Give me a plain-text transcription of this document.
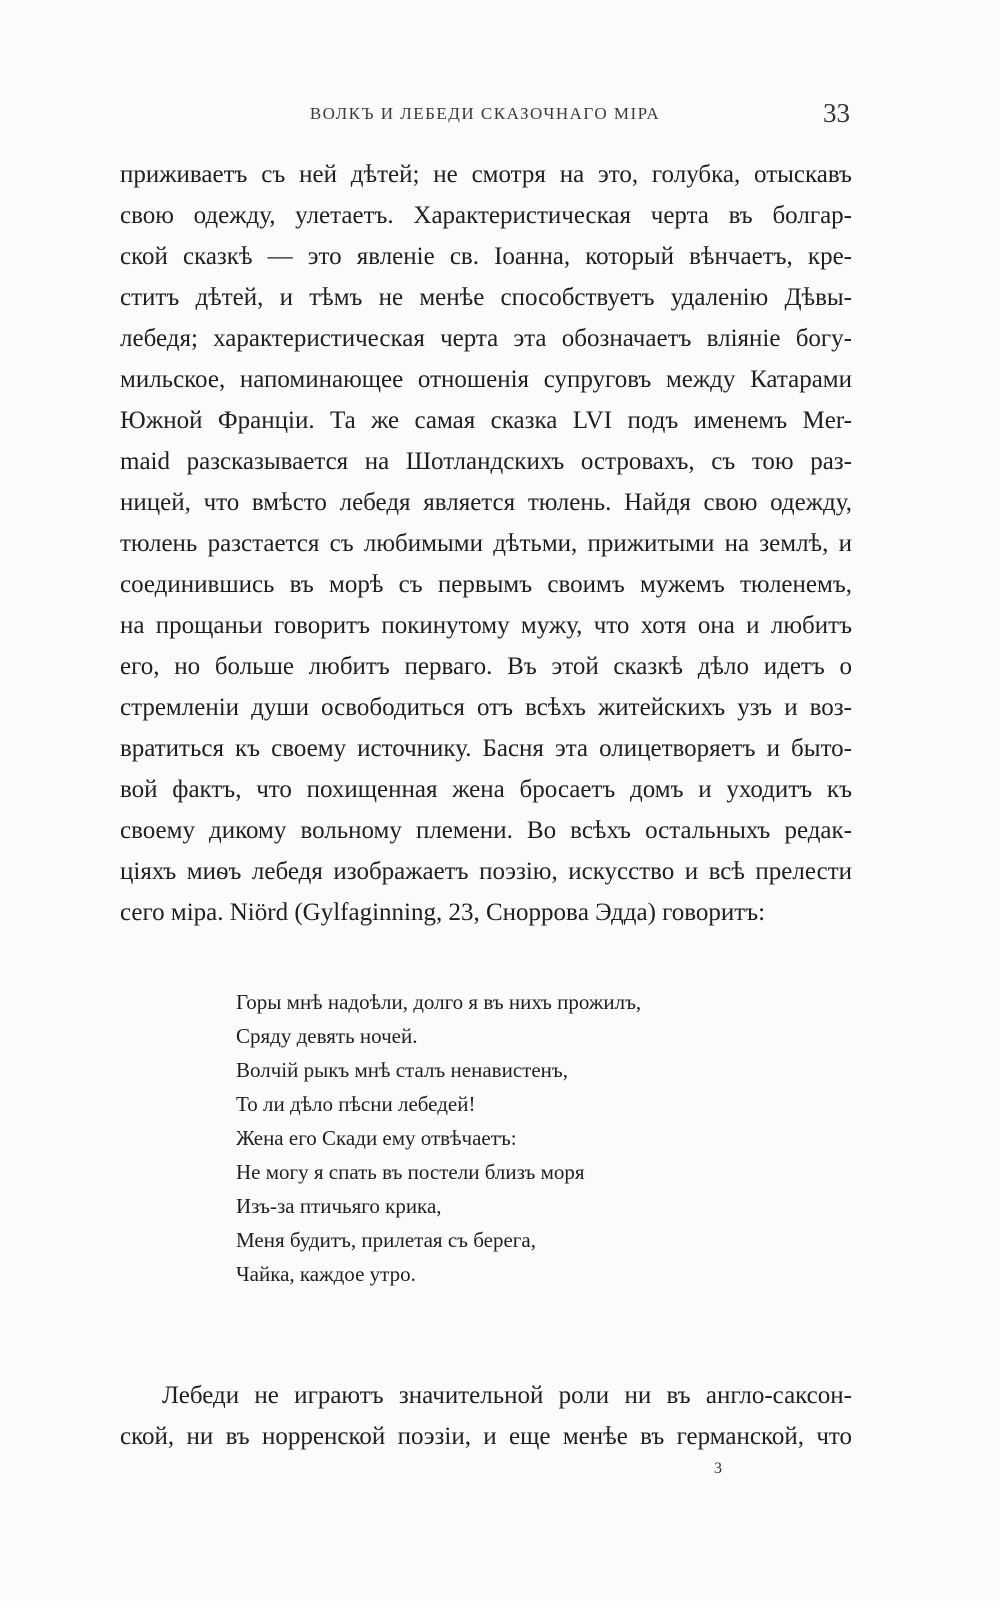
ВОЛКЪ И ЛЕБЕДИ СКАЗОЧНАГО МІРА	33
приживаетъ съ ней дѣтей; не смотря на это, голубка, отыскавъ
свою одежду, улетаетъ. Характеристическая черта въ болгар-
ской сказкѣ — это явленіе св. Іоанна, который вѣнчаетъ, кре-
ститъ дѣтей, и тѣмъ не менѣе способствуетъ удаленію Дѣвы-
лебедя; характеристическая черта эта обозначаетъ вліяніе богу-
мильское, напоминающее отношенія супруговъ между Катарами
Южной Франціи. Та же самая сказка LVI подъ именемъ Mer-
maid разсказывается на Шотландскихъ островахъ, съ тою раз-
ницей, что вмѣсто лебедя является тюлень. Найдя свою одежду,
тюлень разстается съ любимыми дѣтьми, прижитыми на землѣ, и
соединившись въ морѣ съ первымъ своимъ мужемъ тюленемъ,
на прощаньи говоритъ покинутому мужу, что хотя она и любитъ
его, но больше любитъ перваго. Въ этой сказкѣ дѣло идетъ о
стремленіи души освободиться отъ всѣхъ житейскихъ узъ и воз-
вратиться къ своему источнику. Басня эта олицетворяетъ и быто-
вой фактъ, что похищенная жена бросаетъ домъ и уходитъ къ
своему дикому вольному племени. Во всѣхъ остальныхъ редак-
ціяхъ миѳъ лебедя изображаетъ поэзію, искусство и всѣ прелести
сего міра. Niörd (Gylfaginning, 23, Снорровa Эдда) говоритъ:
Горы мнѣ надоѣли, долго я въ нихъ прожилъ,
Сряду девять ночей.
Волчій рыкъ мнѣ сталъ ненавистенъ,
То ли дѣло пѣсни лебедей!
Жена его Скади ему отвѣчаетъ:
Не могу я спать въ постели близъ моря
Изъ-за птичьяго крика,
Меня будитъ, прилетая съ берега,
Чайка, каждое утро.
Лебеди не играютъ значительной роли ни въ англо-саксон-
ской, ни въ норренской поэзіи, и еще менѣе въ германской, что
3
